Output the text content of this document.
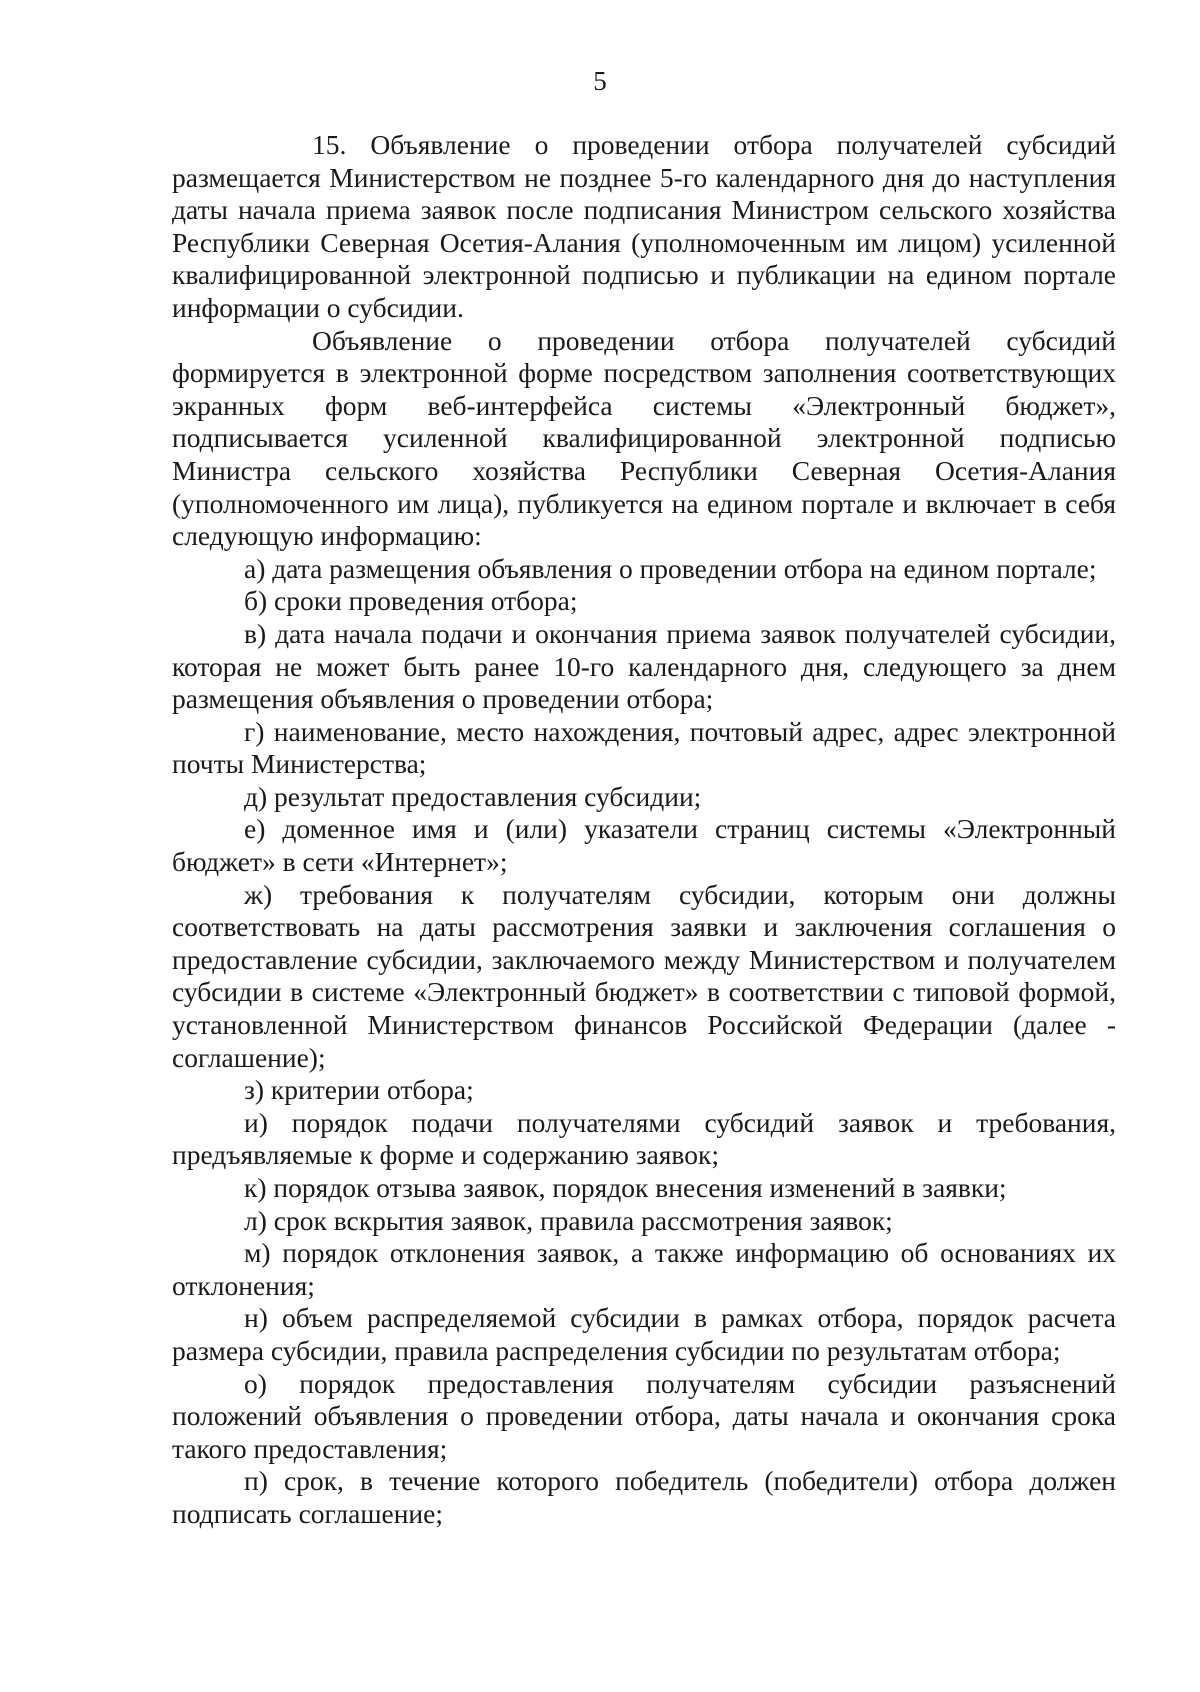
5

15. Объявление о проведении отбора получателей субсидий размещается Министерством не позднее 5-го календарного дня до наступления даты начала приема заявок после подписания Министром сельского хозяйства Республики Северная Осетия-Алания (уполномоченным им лицом) усиленной квалифицированной электронной подписью и публикации на едином портале информации о субсидии.

Объявление о проведении отбора получателей субсидий формируется в электронной форме посредством заполнения соответствующих экранных форм веб-интерфейса системы «Электронный бюджет», подписывается усиленной квалифицированной электронной подписью Министра сельского хозяйства Республики Северная Осетия-Алания (уполномоченного им лица), публикуется на едином портале и включает в себя следующую информацию:

а) дата размещения объявления о проведении отбора на едином портале;

б) сроки проведения отбора;

в) дата начала подачи и окончания приема заявок получателей субсидии, которая не может быть ранее 10-го календарного дня, следующего за днем размещения объявления о проведении отбора;

г) наименование, место нахождения, почтовый адрес, адрес электронной почты Министерства;

д) результат предоставления субсидии;

е) доменное имя и (или) указатели страниц системы «Электронный бюджет» в сети «Интернет»;

ж) требования к получателям субсидии, которым они должны соответствовать на даты рассмотрения заявки и заключения соглашения о предоставление субсидии, заключаемого между Министерством и получателем субсидии в системе «Электронный бюджет» в соответствии с типовой формой, установленной Министерством финансов Российской Федерации (далее - соглашение);

з) критерии отбора;

и) порядок подачи получателями субсидий заявок и требования, предъявляемые к форме и содержанию заявок;

к) порядок отзыва заявок, порядок внесения изменений в заявки;

л) срок вскрытия заявок, правила рассмотрения заявок;

м) порядок отклонения заявок, а также информацию об основаниях их отклонения;

н) объем распределяемой субсидии в рамках отбора, порядок расчета размера субсидии, правила распределения субсидии по результатам отбора;

о) порядок предоставления получателям субсидии разъяснений положений объявления о проведении отбора, даты начала и окончания срока такого предоставления;

п) срок, в течение которого победитель (победители) отбора должен подписать соглашение;
